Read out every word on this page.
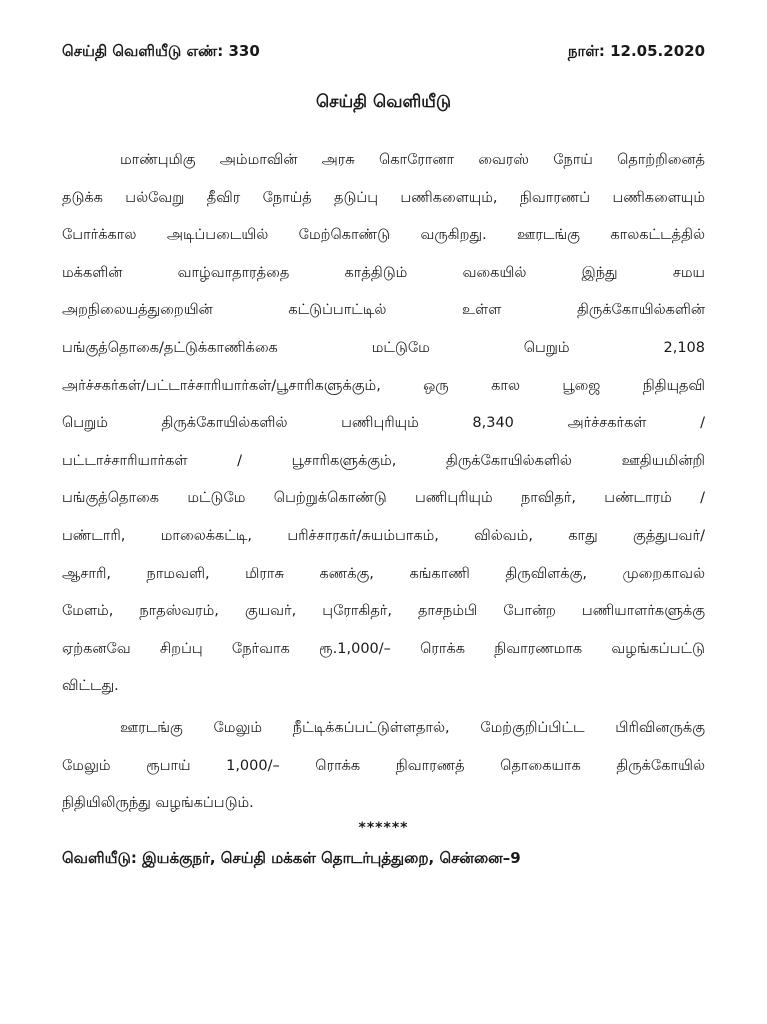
செய்தி வெளியீடு எண்: 330	நாள்: 12.05.2020
செய்தி வெளியீடு
மாண்புமிகு அம்மாவின் அரசு கொரோனா வைரஸ் நோய் தொற்றினைத்
தடுக்க பல்வேறு தீவிர நோய்த் தடுப்பு பணிகளையும், நிவாரணப் பணிகளையும்
போர்க்கால அடிப்படையில் மேற்கொண்டு வருகிறது. ஊரடங்கு காலகட்டத்தில்
மக்களின் வாழ்வாதாரத்தை காத்திடும் வகையில் இந்து சமய
அறநிலையத்துறையின் கட்டுப்பாட்டில் உள்ள திருக்கோயில்களின்
பங்குத்தொகை/தட்டுக்காணிக்கை மட்டுமே பெறும் 2,108
அர்ச்சகர்கள்/பட்டாச்சாரியார்கள்/பூசாரிகளுக்கும், ஒரு கால பூஜை நிதியுதவி
பெறும் திருக்கோயில்களில் பணிபுரியும் 8,340 அர்ச்சகர்கள் /
பட்டாச்சாரியார்கள் / பூசாரிகளுக்கும், திருக்கோயில்களில் ஊதியமின்றி
பங்குத்தொகை மட்டுமே பெற்றுக்கொண்டு பணிபுரியும் நாவிதர், பண்டாரம் /
பண்டாரி, மாலைக்கட்டி, பரிச்சாரகர்/சுயம்பாகம், வில்வம், காது குத்துபவர்/
ஆசாரி, நாமவளி, மிராசு கணக்கு, கங்காணி திருவிளக்கு, முறைகாவல்
மேளம், நாதஸ்வரம், குயவர், புரோகிதர், தாசநம்பி போன்ற பணியாளர்களுக்கு
ஏற்கனவே சிறப்பு நேர்வாக ரூ.1,000/– ரொக்க நிவாரணமாக வழங்கப்பட்டு
விட்டது.
ஊரடங்கு மேலும் நீட்டிக்கப்பட்டுள்ளதால், மேற்குறிப்பிட்ட பிரிவினருக்கு
மேலும் ரூபாய் 1,000/– ரொக்க நிவாரணத் தொகையாக திருக்கோயில்
நிதியிலிருந்து வழங்கப்படும்.
******
வெளியீடு: இயக்குநர், செய்தி மக்கள் தொடர்புத்துறை, சென்னை–9
